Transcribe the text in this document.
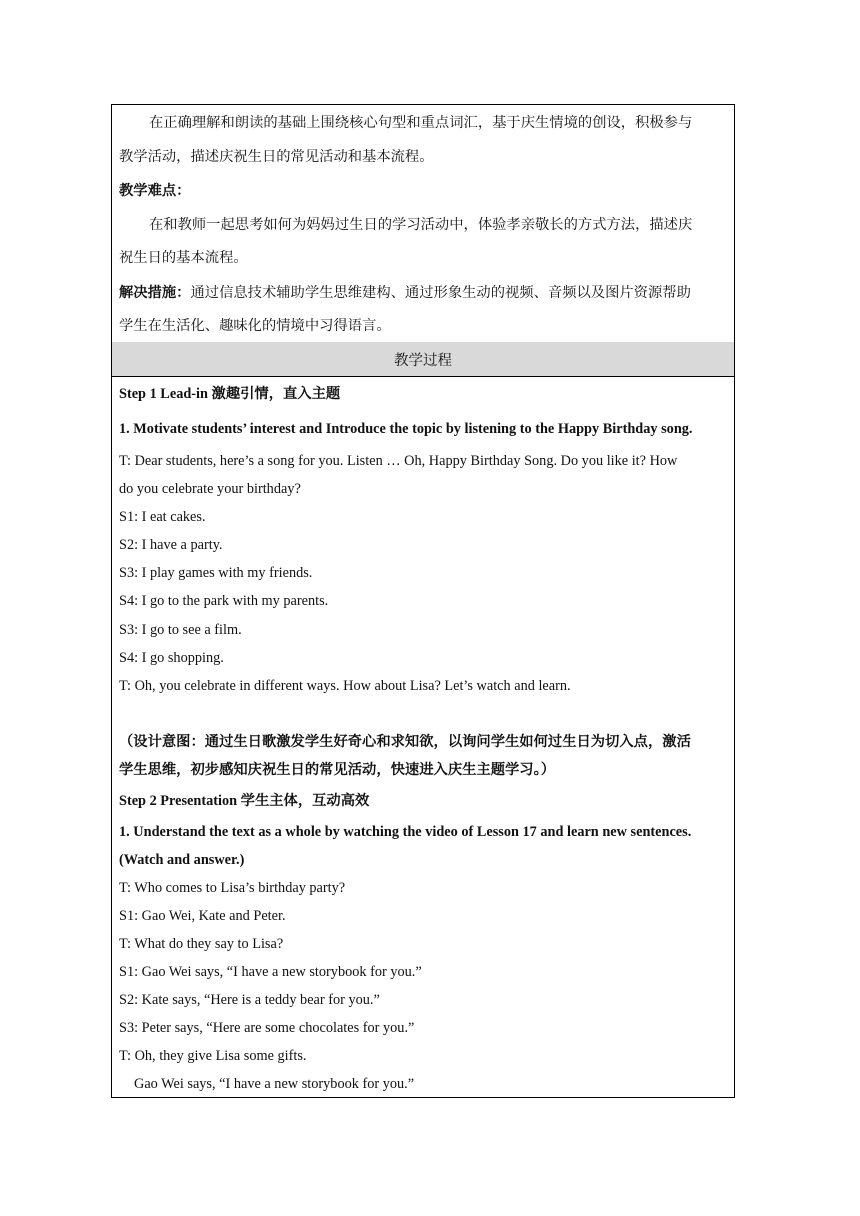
在正确理解和朗读的基础上围绕核心句型和重点词汇，基于庆生情境的创设，积极参与
教学活动，描述庆祝生日的常见活动和基本流程。
教学难点：
在和教师一起思考如何为妈妈过生日的学习活动中，体验孝亲敬长的方式方法，描述庆
祝生日的基本流程。
解决措施：通过信息技术辅助学生思维建构、通过形象生动的视频、音频以及图片资源帮助
学生在生活化、趣味化的情境中习得语言。
教学过程
Step 1 Lead-in 激趣引情，直入主题
1. Motivate students’ interest and Introduce the topic by listening to the Happy Birthday song.
T: Dear students, here’s a song for you. Listen … Oh, Happy Birthday Song. Do you like it? How
do you celebrate your birthday?
S1: I eat cakes.
S2: I have a party.
S3: I play games with my friends.
S4: I go to the park with my parents.
S3: I go to see a film.
S4: I go shopping.
T: Oh, you celebrate in different ways. How about Lisa? Let’s watch and learn.
（设计意图：通过生日歌激发学生好奇心和求知欲，以询问学生如何过生日为切入点，激活
学生思维，初步感知庆祝生日的常见活动，快速进入庆生主题学习。）
Step 2 Presentation 学生主体，互动高效
1. Understand the text as a whole by watching the video of Lesson 17 and learn new sentences.
(Watch and answer.)
T: Who comes to Lisa’s birthday party?
S1: Gao Wei, Kate and Peter.
T: What do they say to Lisa?
S1: Gao Wei says, “I have a new storybook for you.”
S2: Kate says, “Here is a teddy bear for you.”
S3: Peter says, “Here are some chocolates for you.”
T: Oh, they give Lisa some gifts.
Gao Wei says, “I have a new storybook for you.”
